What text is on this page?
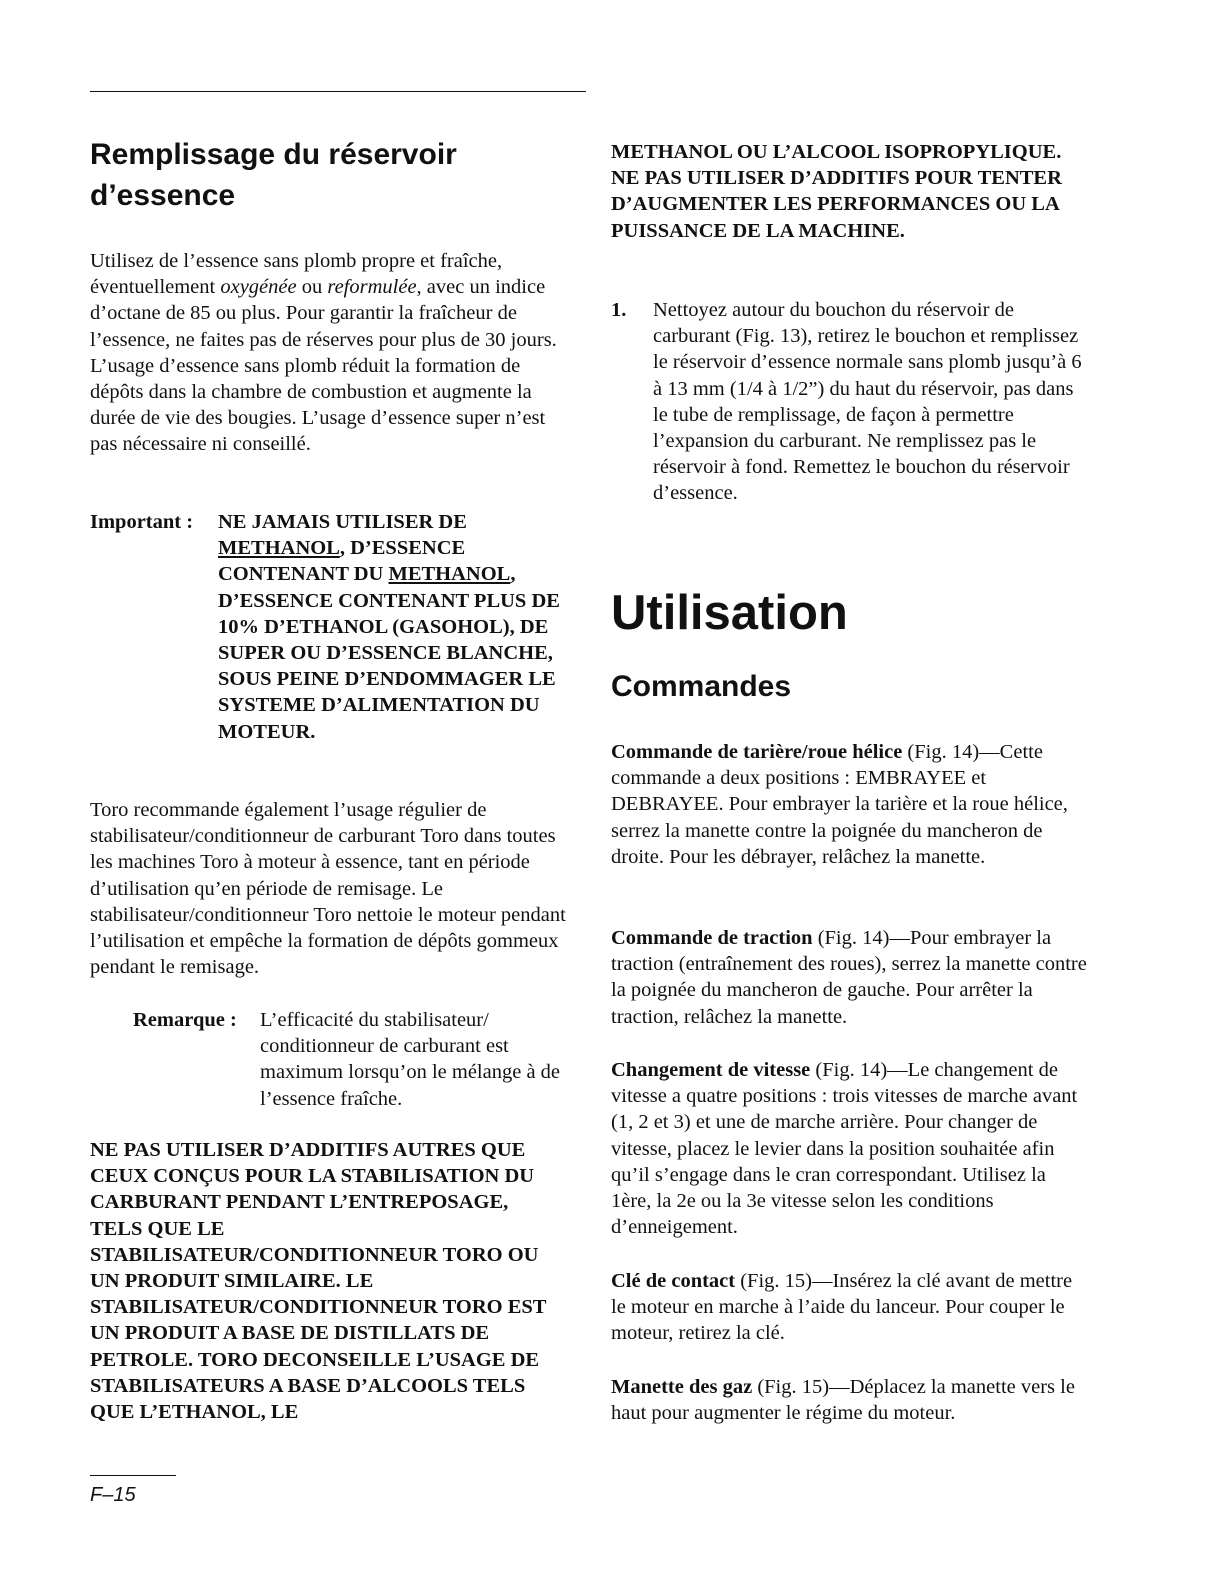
Remplissage du réservoir
d’essence

Utilisez de l’essence sans plomb propre et fraîche, éventuellement oxygénée ou reformulée, avec un indice d’octane de 85 ou plus. Pour garantir la fraîcheur de l’essence, ne faites pas de réserves pour plus de 30 jours. L’usage d’essence sans plomb réduit la formation de dépôts dans la chambre de combustion et augmente la durée de vie des bougies. L’usage d’essence super n’est pas nécessaire ni conseillé.

Important : NE JAMAIS UTILISER DE METHANOL, D’ESSENCE CONTENANT DU METHANOL, D’ESSENCE CONTENANT PLUS DE 10% D’ETHANOL (GASOHOL), DE SUPER OU D’ESSENCE BLANCHE, SOUS PEINE D’ENDOMMAGER LE SYSTEME D’ALIMENTATION DU MOTEUR.

Toro recommande également l’usage régulier de stabilisateur/conditionneur de carburant Toro dans toutes les machines Toro à moteur à essence, tant en période d’utilisation qu’en période de remisage. Le stabilisateur/conditionneur Toro nettoie le moteur pendant l’utilisation et empêche la formation de dépôts gommeux pendant le remisage.

Remarque : L’efficacité du stabilisateur/ conditionneur de carburant est maximum lorsqu’on le mélange à de l’essence fraîche.

NE PAS UTILISER D’ADDITIFS AUTRES QUE CEUX CONÇUS POUR LA STABILISATION DU CARBURANT PENDANT L’ENTREPOSAGE, TELS QUE LE STABILISATEUR/CONDITIONNEUR TORO OU UN PRODUIT SIMILAIRE. LE STABILISATEUR/CONDITIONNEUR TORO EST UN PRODUIT A BASE DE DISTILLATS DE PETROLE. TORO DECONSEILLE L’USAGE DE STABILISATEURS A BASE D’ALCOOLS TELS QUE L’ETHANOL, LE

METHANOL OU L’ALCOOL ISOPROPYLIQUE. NE PAS UTILISER D’ADDITIFS POUR TENTER D’AUGMENTER LES PERFORMANCES OU LA PUISSANCE DE LA MACHINE.

1. Nettoyez autour du bouchon du réservoir de carburant (Fig. 13), retirez le bouchon et remplissez le réservoir d’essence normale sans plomb jusqu’à 6 à 13 mm (1/4 à 1/2”) du haut du réservoir, pas dans le tube de remplissage, de façon à permettre l’expansion du carburant. Ne remplissez pas le réservoir à fond. Remettez le bouchon du réservoir d’essence.

Utilisation
Commandes

Commande de tarière/roue hélice (Fig. 14)—Cette commande a deux positions : EMBRAYEE et DEBRAYEE. Pour embrayer la tarière et la roue hélice, serrez la manette contre la poignée du mancheron de droite. Pour les débrayer, relâchez la manette.

Commande de traction (Fig. 14)—Pour embrayer la traction (entraînement des roues), serrez la manette contre la poignée du mancheron de gauche. Pour arrêter la traction, relâchez la manette.

Changement de vitesse (Fig. 14)—Le changement de vitesse a quatre positions : trois vitesses de marche avant (1, 2 et 3) et une de marche arrière. Pour changer de vitesse, placez le levier dans la position souhaitée afin qu’il s’engage dans le cran correspondant. Utilisez la 1ère, la 2e ou la 3e vitesse selon les conditions d’enneigement.

Clé de contact (Fig. 15)—Insérez la clé avant de mettre le moteur en marche à l’aide du lanceur. Pour couper le moteur, retirez la clé.

Manette des gaz (Fig. 15)—Déplacez la manette vers le haut pour augmenter le régime du moteur.

F–15
